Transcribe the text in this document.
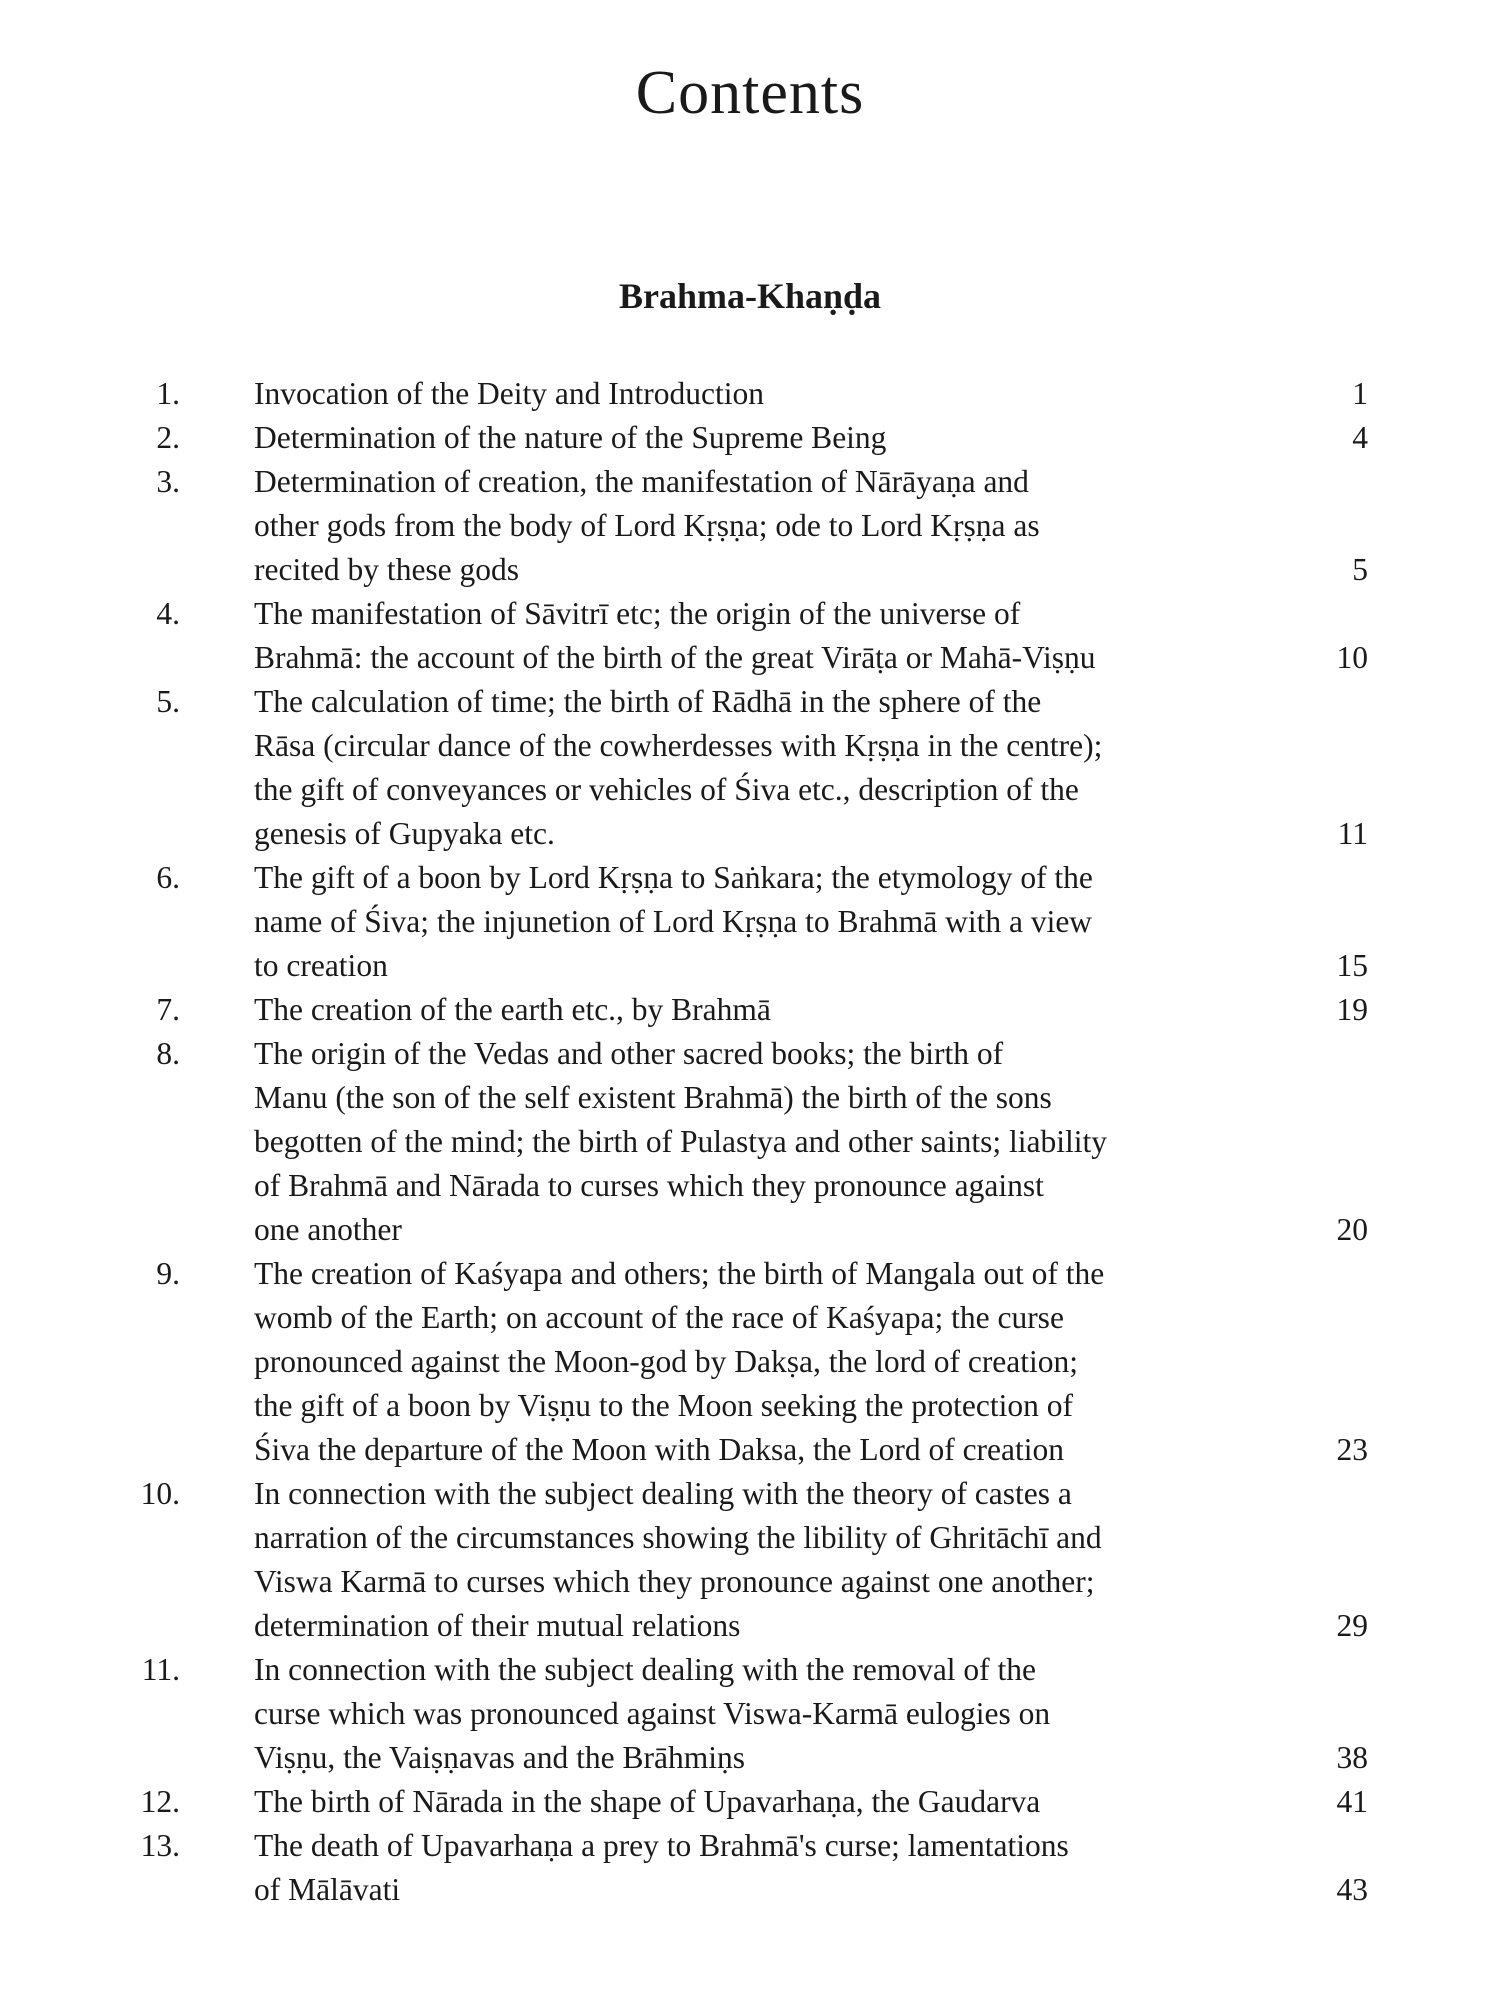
Contents
Brahma-Khaṇḍa
1. Invocation of the Deity and Introduction	1
2. Determination of the nature of the Supreme Being	4
3. Determination of creation, the manifestation of Nārāyaṇa and
other gods from the body of Lord Kṛṣṇa; ode to Lord Kṛṣṇa as
recited by these gods	5
4. The manifestation of Sāvitrī etc; the origin of the universe of
Brahmā: the account of the birth of the great Virāṭa or Mahā-Viṣṇu	10
5. The calculation of time; the birth of Rādhā in the sphere of the
Rāsa (circular dance of the cowherdesses with Kṛṣṇa in the centre);
the gift of conveyances or vehicles of Śiva etc., description of the
genesis of Gupyaka etc.	11
6. The gift of a boon by Lord Kṛṣṇa to Saṅkara; the etymology of the
name of Śiva; the injunetion of Lord Kṛṣṇa to Brahmā with a view
to creation	15
7. The creation of the earth etc., by Brahmā	19
8. The origin of the Vedas and other sacred books; the birth of
Manu (the son of the self existent Brahmā) the birth of the sons
begotten of the mind; the birth of Pulastya and other saints; liability
of Brahmā and Nārada to curses which they pronounce against
one another	20
9. The creation of Kaśyapa and others; the birth of Mangala out of the
womb of the Earth; on account of the race of Kaśyapa; the curse
pronounced against the Moon-god by Dakṣa, the lord of creation;
the gift of a boon by Viṣṇu to the Moon seeking the protection of
Śiva the departure of the Moon with Daksa, the Lord of creation	23
10. In connection with the subject dealing with the theory of castes a
narration of the circumstances showing the libility of Ghritāchī and
Viswa Karmā to curses which they pronounce against one another;
determination of their mutual relations	29
11. In connection with the subject dealing with the removal of the
curse which was pronounced against Viswa-Karmā eulogies on
Viṣṇu, the Vaiṣṇavas and the Brāhmiṇs	38
12. The birth of Nārada in the shape of Upavarhaṇa, the Gaudarva	41
13. The death of Upavarhaṇa a prey to Brahmā's curse; lamentations
of Mālāvati	43
